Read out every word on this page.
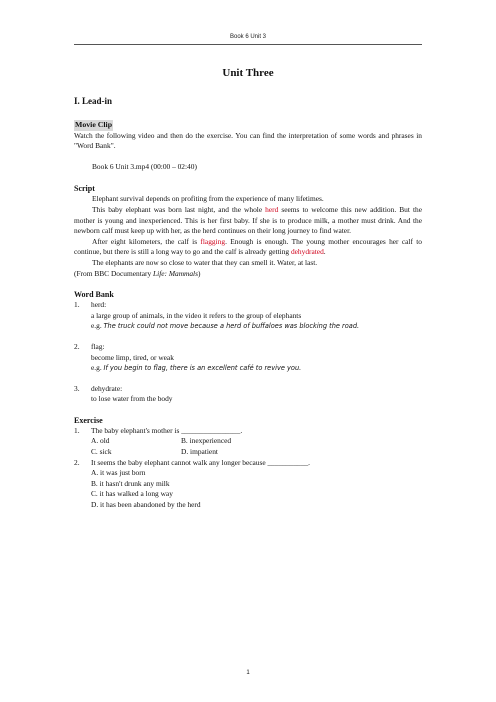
Book 6 Unit 3
Unit Three
I. Lead-in
Movie Clip

Watch the following video and then do the exercise. You can find the interpretation of some words and phrases in "Word Bank".

Book 6 Unit 3.mp4 (00:00 – 02:40)
Script

Elephant survival depends on profiting from the experience of many lifetimes.

This baby elephant was born last night, and the whole herd seems to welcome this new addition. But the mother is young and inexperienced. This is her first baby. If she is to produce milk, a mother must drink. And the newborn calf must keep up with her, as the herd continues on their long journey to find water.

After eight kilometers, the calf is flagging. Enough is enough. The young mother encourages her calf to continue, but there is still a long way to go and the calf is already getting dehydrated.

The elephants are now so close to water that they can smell it. Water, at last.

(From BBC Documentary Life: Mammals)

Word Bank
1. herd:
a large group of animals, in the video it refers to the group of elephants
e.g. The truck could not move because a herd of buffaloes was blocking the road.
2. flag:
become limp, tired, or weak
e.g. If you begin to flag, there is an excellent café to revive you.
3. dehydrate:
to lose water from the body
Exercise
1. The baby elephant's mother is ________________.
A. old	B. inexperienced
C. sick	D. impatient
2. It seems the baby elephant cannot walk any longer because ___________.
A. it was just born
B. it hasn't drunk any milk
C. it has walked a long way
D. it has been abandoned by the herd
1
